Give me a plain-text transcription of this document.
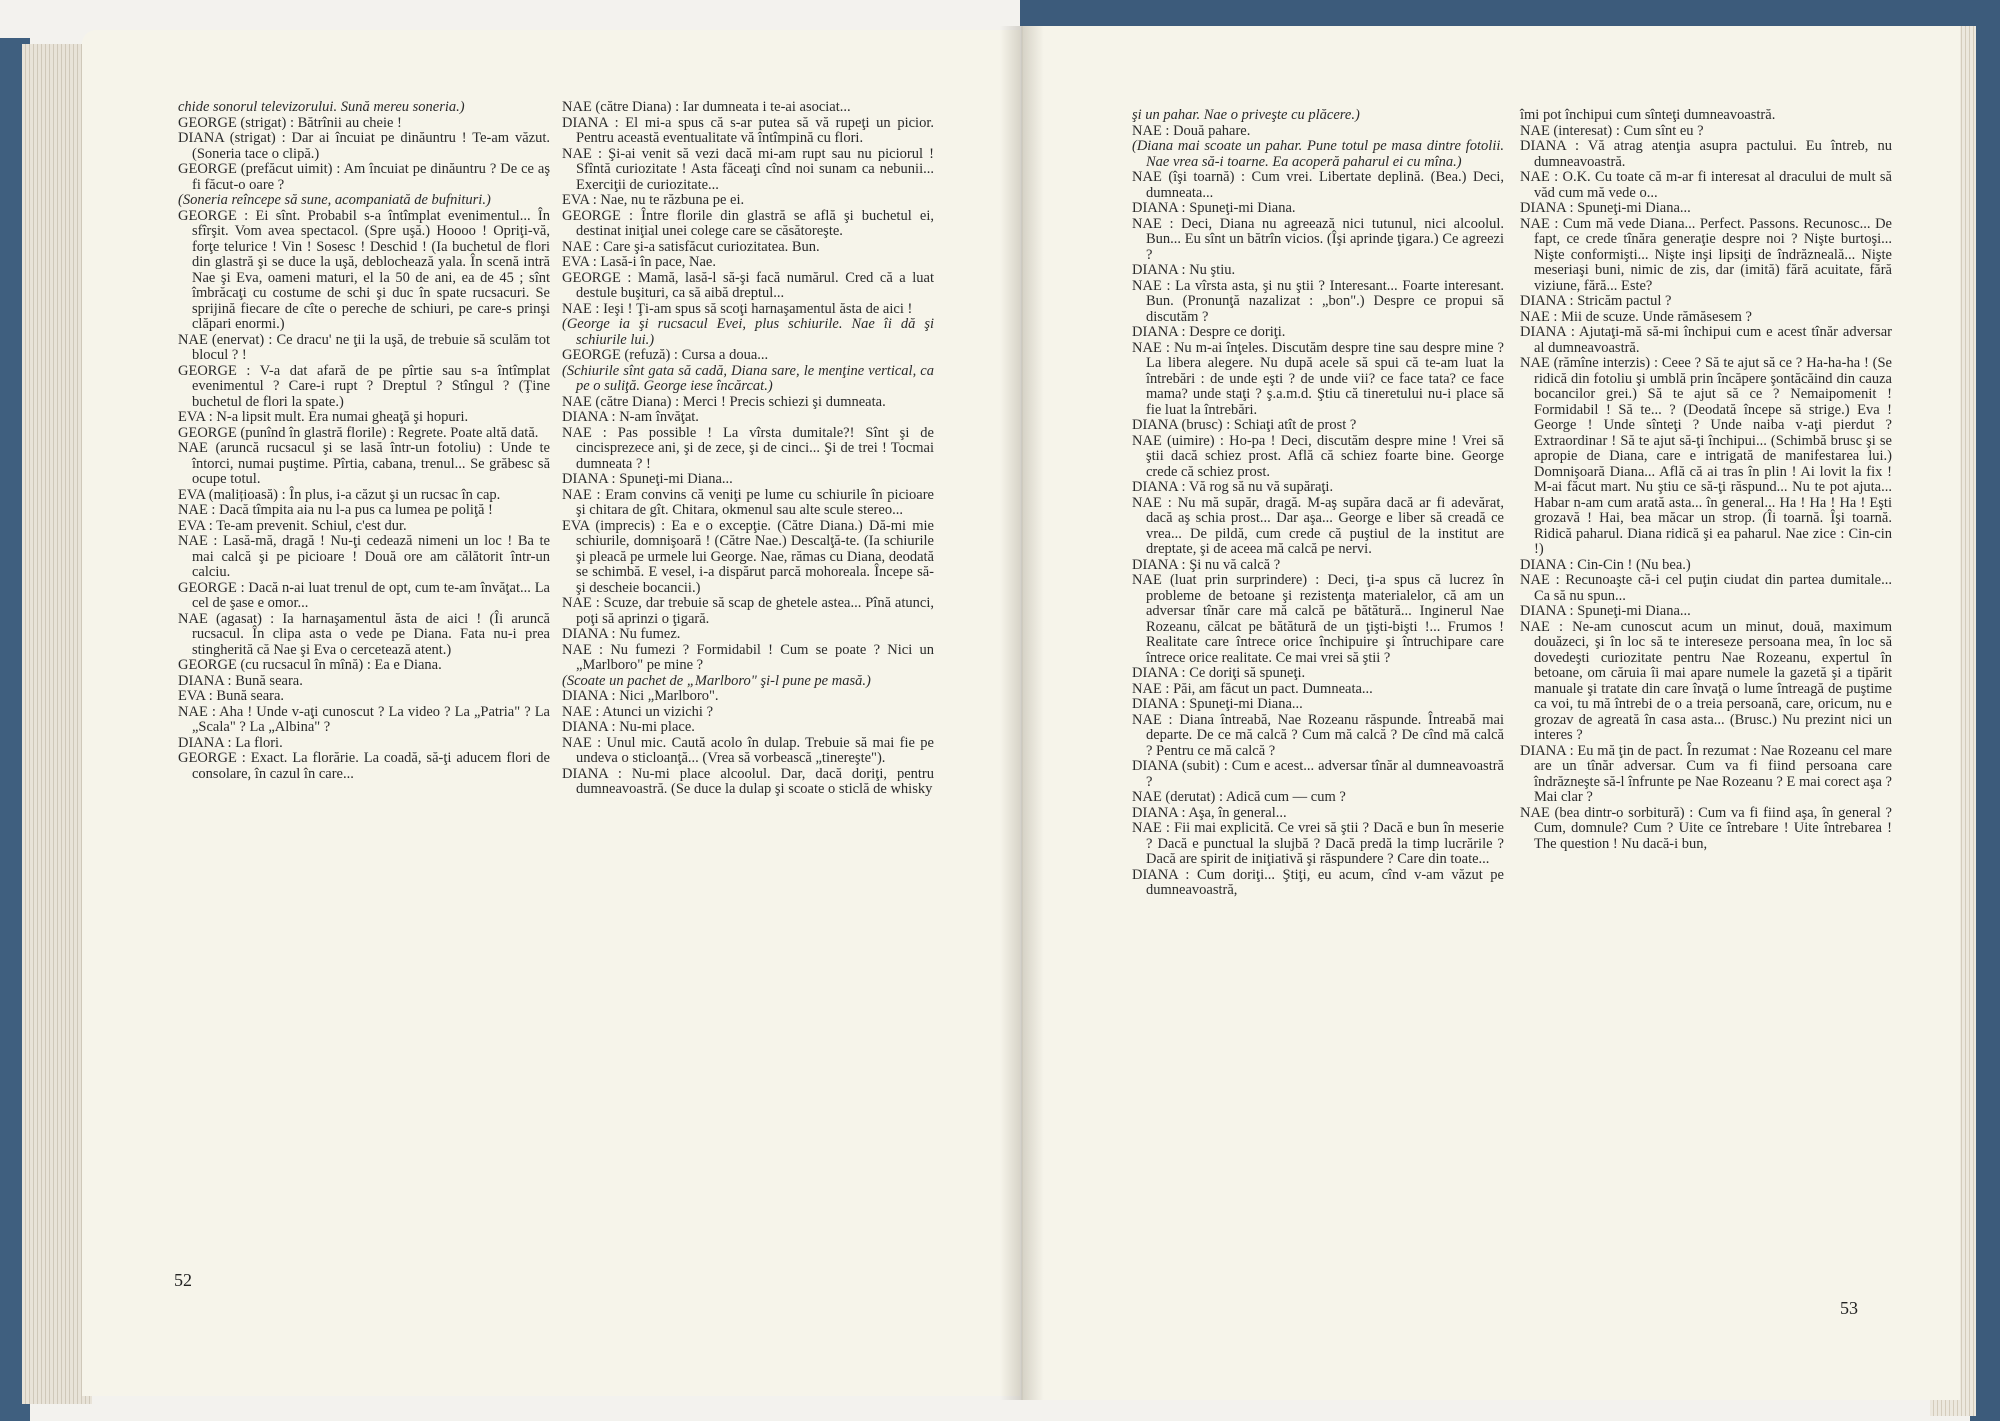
chide sonorul televizorului. Sună mereu soneria.)

GEORGE (strigat) : Bătrînii au cheie !

DIANA (strigat) : Dar ai încuiat pe dinăuntru ! Te-am văzut. (Soneria tace o clipă.)

GEORGE (prefăcut uimit) : Am încuiat pe dinăuntru ? De ce aş fi făcut-o oare ?

(Soneria reîncepe să sune, acompaniată de bufnituri.)

GEORGE : Ei sînt. Probabil s-a întîmplat evenimentul... În sfîrşit. Vom avea spectacol. (Spre uşă.) Hoooo ! Opriţi-vă, forţe telurice ! Vin ! Sosesc ! Deschid ! (Ia buchetul de flori din glastră şi se duce la uşă, deblochează yala. În scenă intră Nae şi Eva, oameni maturi, el la 50 de ani, ea de 45 ; sînt îmbrăcaţi cu costume de schi şi duc în spate rucsacuri. Se sprijină fiecare de cîte o pereche de schiuri, pe care-s prinşi clăpari enormi.)

NAE (enervat) : Ce dracu' ne ţii la uşă, de trebuie să sculăm tot blocul ? !

GEORGE : V-a dat afară de pe pîrtie sau s-a întîmplat evenimentul ? Care-i rupt ? Dreptul ? Stîngul ? (Ţine buchetul de flori la spate.)

EVA : N-a lipsit mult. Era numai gheaţă şi hopuri.

GEORGE (punînd în glastră florile) : Regrete. Poate altă dată.

NAE (aruncă rucsacul şi se lasă într-un fotoliu) : Unde te întorci, numai puştime. Pîrtia, cabana, trenul... Se grăbesc să ocupe totul.

EVA (malițioasă) : În plus, i-a căzut şi un rucsac în cap.

NAE : Dacă tîmpita aia nu l-a pus ca lumea pe poliţă !

EVA : Te-am prevenit. Schiul, c'est dur.

NAE : Lasă-mă, dragă ! Nu-ţi cedează nimeni un loc ! Ba te mai calcă şi pe picioare ! Două ore am călătorit într-un calciu.

GEORGE : Dacă n-ai luat trenul de opt, cum te-am învăţat... La cel de şase e omor...

NAE (agasat) : Ia harnaşamentul ăsta de aici ! (Îi aruncă rucsacul. În clipa asta o vede pe Diana. Fata nu-i prea stingherită că Nae şi Eva o cercetează atent.)

GEORGE (cu rucsacul în mînă) : Ea e Diana.

DIANA : Bună seara.

EVA : Bună seara.

NAE : Aha ! Unde v-aţi cunoscut ? La video ? La „Patria" ? La „Scala" ? La „Albina" ?

DIANA : La flori.

GEORGE : Exact. La florărie. La coadă, să-ţi aducem flori de consolare, în cazul în care...

NAE (către Diana) : Iar dumneata i te-ai asociat...

DIANA : El mi-a spus că s-ar putea să vă rupeţi un picior. Pentru această eventualitate vă întîmpină cu flori.

NAE : Şi-ai venit să vezi dacă mi-am rupt sau nu piciorul ! Sfîntă curiozitate ! Asta făceaţi cînd noi sunam ca nebunii... Exerciţii de curiozitate...

EVA : Nae, nu te răzbuna pe ei.

GEORGE : Între florile din glastră se află şi buchetul ei, destinat iniţial unei colege care se căsătoreşte.

NAE : Care şi-a satisfăcut curiozitatea. Bun.

EVA : Lasă-i în pace, Nae.

GEORGE : Mamă, lasă-l să-şi facă numărul. Cred că a luat destule buşituri, ca să aibă dreptul...

NAE : Ieşi ! Ţi-am spus să scoţi harnaşamentul ăsta de aici !

(George ia şi rucsacul Evei, plus schiurile. Nae îi dă şi schiurile lui.)

GEORGE (refuză) : Cursa a doua...

(Schiurile sînt gata să cadă, Diana sare, le menţine vertical, ca pe o suliţă. George iese încărcat.)

NAE (către Diana) : Merci ! Precis schiezi şi dumneata.

DIANA : N-am învăţat.

NAE : Pas possible ! La vîrsta dumitale?! Sînt şi de cincisprezece ani, şi de zece, şi de cinci... Şi de trei ! Tocmai dumneata ? !

DIANA : Spuneţi-mi Diana...

NAE : Eram convins că veniţi pe lume cu schiurile în picioare şi chitara de gît. Chitara, okmenul sau alte scule stereo...

EVA (imprecis) : Ea e o excepţie. (Către Diana.) Dă-mi mie schiurile, domnişoară ! (Către Nae.) Descalţă-te. (Ia schiurile şi pleacă pe urmele lui George. Nae, rămas cu Diana, deodată se schimbă. E vesel, i-a dispărut parcă mohoreala. Începe să-şi descheie bocancii.)

NAE : Scuze, dar trebuie să scap de ghetele astea... Pînă atunci, poţi să aprinzi o ţigară.

DIANA : Nu fumez.

NAE : Nu fumezi ? Formidabil ! Cum se poate ? Nici un „Marlboro" pe mine ?

(Scoate un pachet de „Marlboro" şi-l pune pe masă.)

DIANA : Nici „Marlboro".

NAE : Atunci un vizichi ?

DIANA : Nu-mi place.

NAE : Unul mic. Caută acolo în dulap. Trebuie să mai fie pe undeva o sticloanţă... (Vrea să vorbească „tinereşte").

DIANA : Nu-mi place alcoolul. Dar, dacă doriţi, pentru dumneavoastră. (Se duce la dulap şi scoate o sticlă de whisky

52

şi un pahar. Nae o priveşte cu plăcere.)

NAE : Două pahare.

(Diana mai scoate un pahar. Pune totul pe masa dintre fotolii. Nae vrea să-i toarne. Ea acoperă paharul ei cu mîna.)

NAE (îşi toarnă) : Cum vrei. Libertate deplină. (Bea.) Deci, dumneata...

DIANA : Spuneţi-mi Diana.

NAE : Deci, Diana nu agreează nici tutunul, nici alcoolul. Bun... Eu sînt un bătrîn vicios. (Îşi aprinde ţigara.) Ce agreezi ?

DIANA : Nu ştiu.

NAE : La vîrsta asta, şi nu ştii ? Interesant... Foarte interesant. Bun. (Pronunţă nazalizat : „bon".) Despre ce propui să discutăm ?

DIANA : Despre ce doriţi.

NAE : Nu m-ai înţeles. Discutăm despre tine sau despre mine ? La libera alegere. Nu după acele să spui că te-am luat la întrebări : de unde eşti ? de unde vii? ce face tata? ce face mama? unde staţi ? ş.a.m.d. Ştiu că tineretului nu-i place să fie luat la întrebări.

DIANA (brusc) : Schiaţi atît de prost ?

NAE (uimire) : Ho-pa ! Deci, discutăm despre mine ! Vrei să ştii dacă schiez prost. Află că schiez foarte bine. George crede că schiez prost.

DIANA : Vă rog să nu vă supăraţi.

NAE : Nu mă supăr, dragă. M-aş supăra dacă ar fi adevărat, dacă aş schia prost... Dar aşa... George e liber să creadă ce vrea... De pildă, cum crede că puştiul de la institut are dreptate, şi de aceea mă calcă pe nervi.

DIANA : Şi nu vă calcă ?

NAE (luat prin surprindere) : Deci, ţi-a spus că lucrez în probleme de betoane şi rezistenţa materialelor, că am un adversar tînăr care mă calcă pe bătătură... Inginerul Nae Rozeanu, călcat pe bătătură de un ţişti-bişti !... Frumos ! Realitate care întrece orice închipuire şi întruchipare care întrece orice realitate. Ce mai vrei să ştii ?

DIANA : Ce doriţi să spuneţi.

NAE : Păi, am făcut un pact. Dumneata...

DIANA : Spuneţi-mi Diana...

NAE : Diana întreabă, Nae Rozeanu răspunde. Întreabă mai departe. De ce mă calcă ? Cum mă calcă ? De cînd mă calcă ? Pentru ce mă calcă ?

DIANA (subit) : Cum e acest... adversar tînăr al dumneavoastră ?

NAE (derutat) : Adică cum — cum ?

DIANA : Aşa, în general...

NAE : Fii mai explicită. Ce vrei să ştii ? Dacă e bun în meserie ? Dacă e punctual la slujbă ? Dacă predă la timp lucrările ? Dacă are spirit de iniţiativă şi răspundere ? Care din toate...

DIANA : Cum doriţi... Ştiţi, eu acum, cînd v-am văzut pe dumneavoastră,

îmi pot închipui cum sînteţi dumneavoastră.

NAE (interesat) : Cum sînt eu ?

DIANA : Vă atrag atenţia asupra pactului. Eu întreb, nu dumneavoastră.

NAE : O.K. Cu toate că m-ar fi interesat al dracului de mult să văd cum mă vede o...

DIANA : Spuneţi-mi Diana...

NAE : Cum mă vede Diana... Perfect. Passons. Recunosc... De fapt, ce crede tînăra generaţie despre noi ? Nişte burtoşi... Nişte conformişti... Nişte inşi lipsiţi de îndrăzneală... Nişte meseriaşi buni, nimic de zis, dar (imită) fără acuitate, fără viziune, fără... Este?

DIANA : Stricăm pactul ?

NAE : Mii de scuze. Unde rămăsesem ?

DIANA : Ajutaţi-mă să-mi închipui cum e acest tînăr adversar al dumneavoastră.

NAE (rămîne interzis) : Ceee ? Să te ajut să ce ? Ha-ha-ha ! (Se ridică din fotoliu şi umblă prin încăpere şontăcăind din cauza bocancilor grei.) Să te ajut să ce ? Nemaipomenit ! Formidabil ! Să te... ? (Deodată începe să strige.) Eva ! George ! Unde sînteţi ? Unde naiba v-aţi pierdut ? Extraordinar ! Să te ajut să-ţi închipui... (Schimbă brusc şi se apropie de Diana, care e intrigată de manifestarea lui.) Domnişoară Diana... Află că ai tras în plin ! Ai lovit la fix ! M-ai făcut mart. Nu ştiu ce să-ţi răspund... Nu te pot ajuta... Habar n-am cum arată asta... în general... Ha ! Ha ! Ha ! Eşti grozavă ! Hai, bea măcar un strop. (Îi toarnă. Îşi toarnă. Ridică paharul. Diana ridică şi ea paharul. Nae zice : Cin-cin !)

DIANA : Cin-Cin ! (Nu bea.)

NAE : Recunoaşte că-i cel puţin ciudat din partea dumitale... Ca să nu spun...

DIANA : Spuneţi-mi Diana...

NAE : Ne-am cunoscut acum un minut, două, maximum douăzeci, şi în loc să te intereseze persoana mea, în loc să dovedeşti curiozitate pentru Nae Rozeanu, expertul în betoane, om căruia îi mai apare numele la gazetă şi a tipărit manuale şi tratate din care învaţă o lume întreagă de puştime ca voi, tu mă întrebi de o a treia persoană, care, oricum, nu e grozav de agreată în casa asta... (Brusc.) Nu prezint nici un interes ?

DIANA : Eu mă ţin de pact. În rezumat : Nae Rozeanu cel mare are un tînăr adversar. Cum va fi fiind persoana care îndrăzneşte să-l înfrunte pe Nae Rozeanu ? E mai corect aşa ? Mai clar ?

NAE (bea dintr-o sorbitură) : Cum va fi fiind aşa, în general ? Cum, domnule? Cum ? Uite ce întrebare ! Uite întrebarea ! The question ! Nu dacă-i bun,

53
